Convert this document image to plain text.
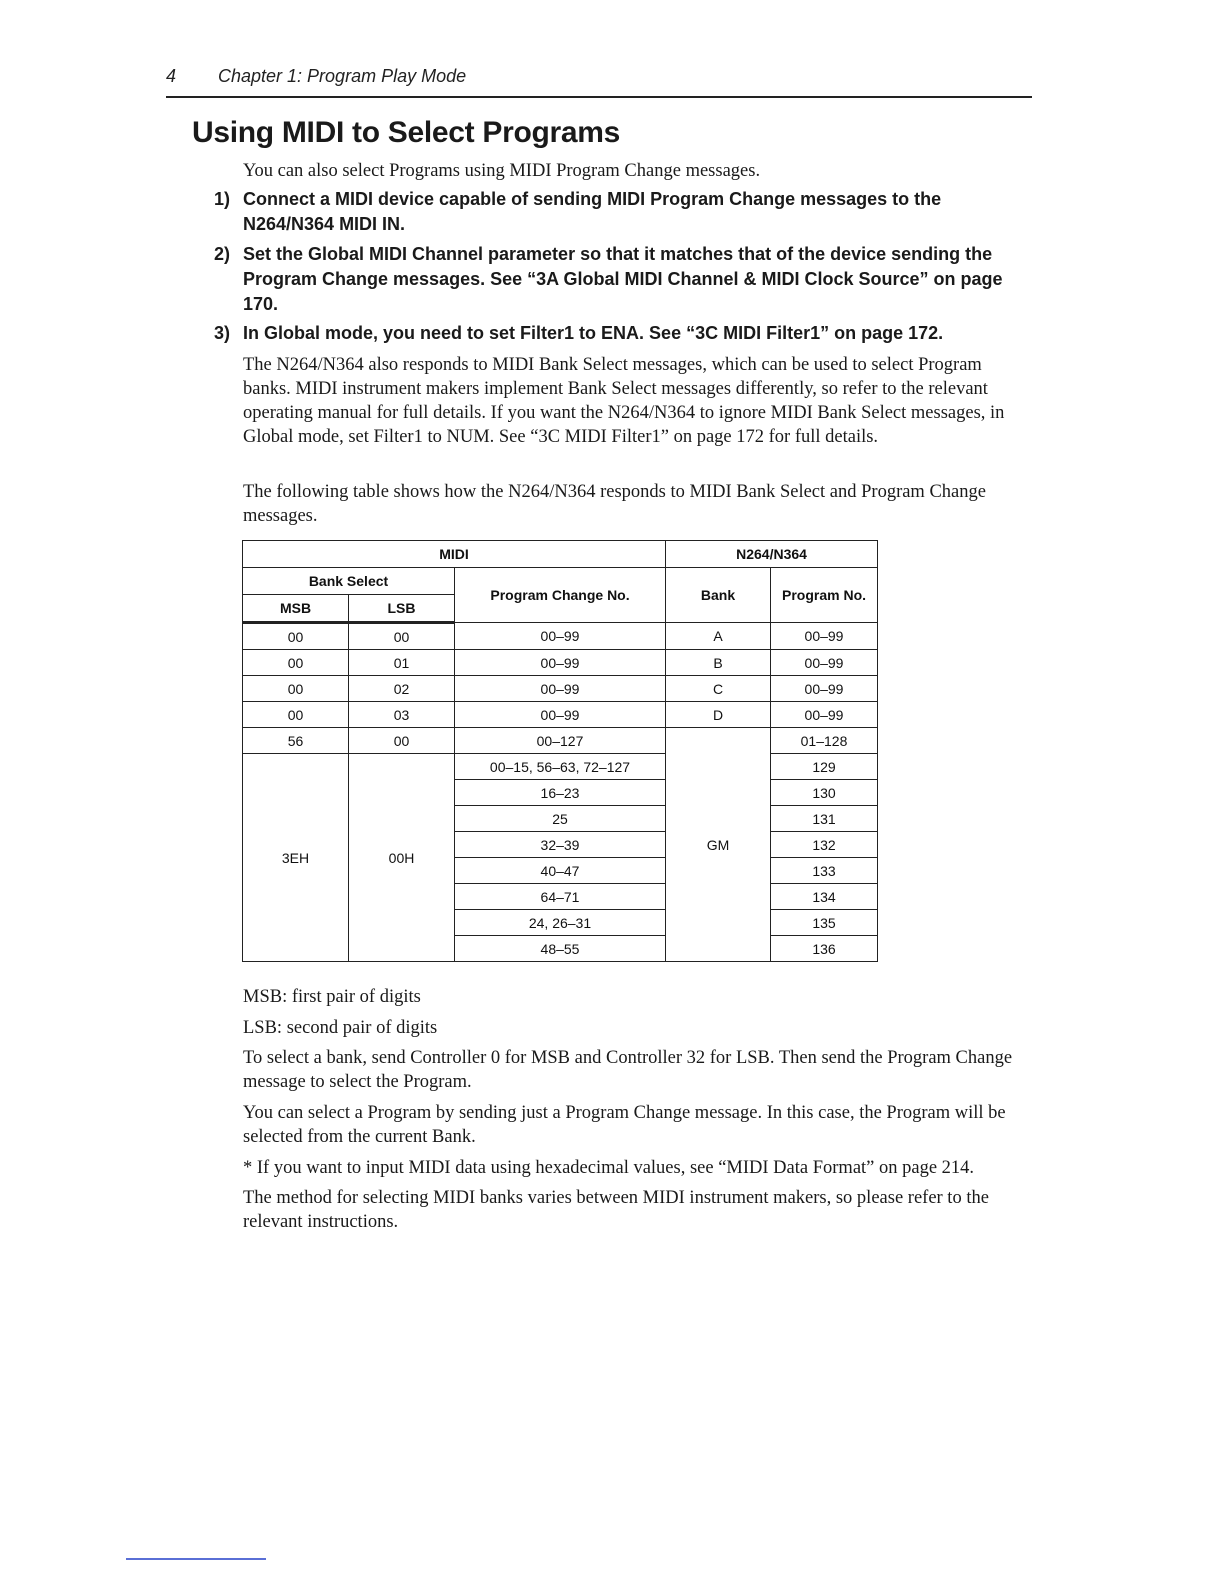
4 Chapter 1: Program Play Mode
Using MIDI to Select Programs

You can also select Programs using MIDI Program Change messages.

1) Connect a MIDI device capable of sending MIDI Program Change messages to the N264/N364 MIDI IN.
2) Set the Global MIDI Channel parameter so that it matches that of the device sending the Program Change messages. See “3A Global MIDI Channel & MIDI Clock Source” on page 170.
3) In Global mode, you need to set Filter1 to ENA. See “3C MIDI Filter1” on page 172.

The N264/N364 also responds to MIDI Bank Select messages, which can be used to select Program banks. MIDI instrument makers implement Bank Select messages differently, so refer to the relevant operating manual for full details. If you want the N264/N364 to ignore MIDI Bank Select messages, in Global mode, set Filter1 to NUM. See “3C MIDI Filter1” on page 172 for full details.

The following table shows how the N264/N364 responds to MIDI Bank Select and Program Change messages.

MIDI			N264/N364	
Bank Select		Program Change No.	Bank	Program No.
MSB	LSB			
00	00	00–99	A	00–99
00	01	00–99	B	00–99
00	02	00–99	C	00–99
00	03	00–99	D	00–99
56	00	00–127	GM	01–128
3EH	00H	00–15, 56–63, 72–127		129
		16–23		130
		25		131
		32–39		132
		40–47		133
		64–71		134
		24, 26–31		135
		48–55		136

MSB: first pair of digits

LSB: second pair of digits

To select a bank, send Controller 0 for MSB and Controller 32 for LSB. Then send the Program Change message to select the Program.

You can select a Program by sending just a Program Change message. In this case, the Program will be selected from the current Bank.

* If you want to input MIDI data using hexadecimal values, see “MIDI Data Format” on page 214.

The method for selecting MIDI banks varies between MIDI instrument makers, so please refer to the relevant instructions.
